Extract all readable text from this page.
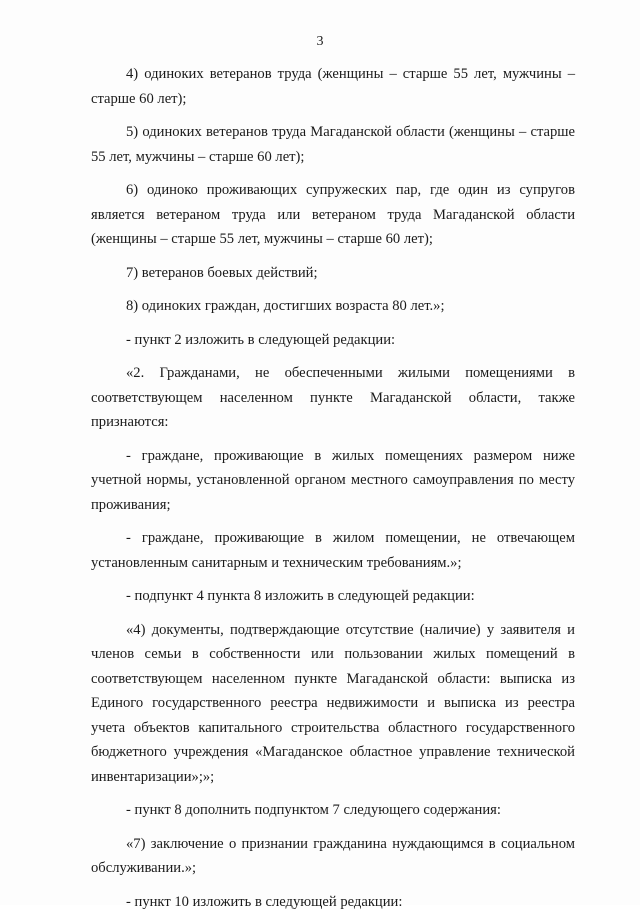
3

4) одиноких ветеранов труда (женщины – старше 55 лет, мужчины – старше 60 лет);

5) одиноких ветеранов труда Магаданской области (женщины – старше 55 лет, мужчины – старше 60 лет);

6) одиноко проживающих супружеских пар, где один из супругов является ветераном труда или ветераном труда Магаданской области (женщины – старше 55 лет, мужчины – старше 60 лет);

7) ветеранов боевых действий;

8) одиноких граждан, достигших возраста 80 лет.»;

- пункт 2 изложить в следующей редакции:

«2. Гражданами, не обеспеченными жилыми помещениями в соответствующем населенном пункте Магаданской области, также признаются:

- граждане, проживающие в жилых помещениях размером ниже учетной нормы, установленной органом местного самоуправления по месту проживания;

- граждане, проживающие в жилом помещении, не отвечающем установленным санитарным и техническим требованиям.»;

- подпункт 4 пункта 8 изложить в следующей редакции:

«4) документы, подтверждающие отсутствие (наличие) у заявителя и членов семьи в собственности или пользовании жилых помещений в соответствующем населенном пункте Магаданской области: выписка из Единого государственного реестра недвижимости и выписка из реестра учета объектов капитального строительства областного государственного бюджетного учреждения «Магаданское областное управление технической инвентаризации»;»;

- пункт 8 дополнить подпунктом 7 следующего содержания:

«7) заключение о признании гражданина нуждающимся в социальном обслуживании.»;

- пункт 10 изложить в следующей редакции:
